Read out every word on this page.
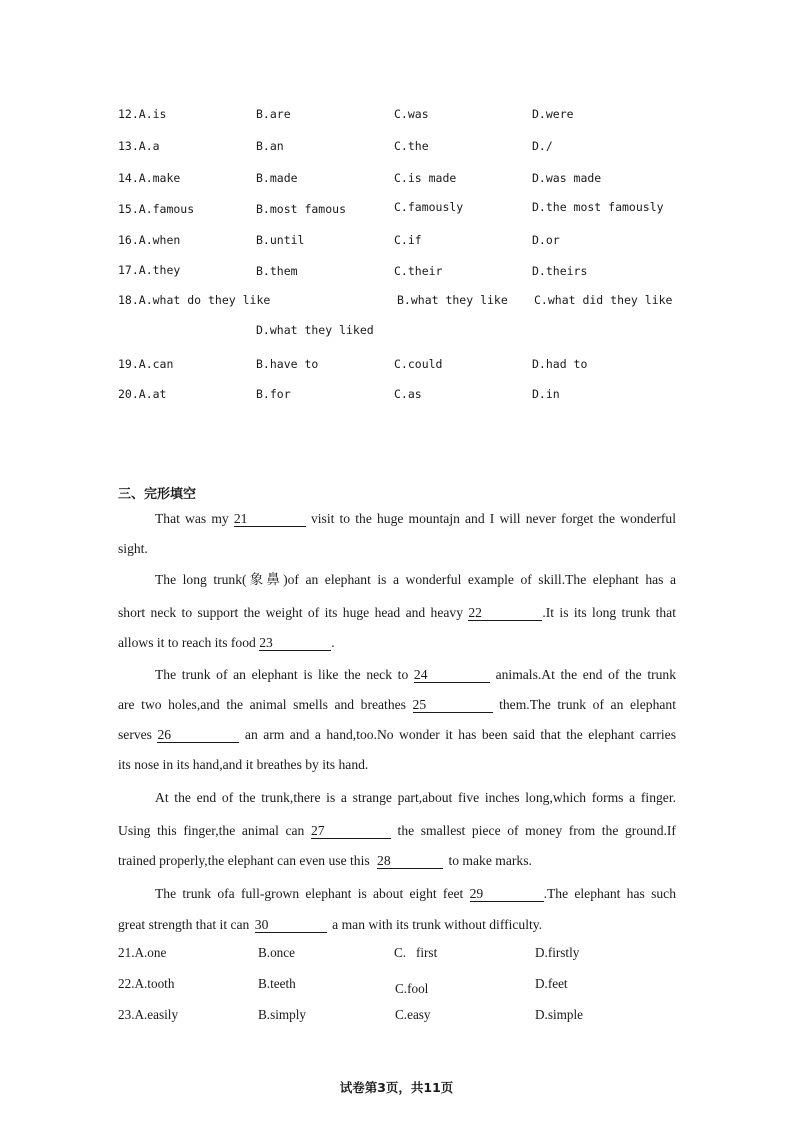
12.A.is	B.are	C.was	D.were
13.A.a	B.an	C.the	D./
14.A.make	B.made	C.is made	D.was made
15.A.famous	B.most famous	C.famously	D.the most famously
16.A.when	B.until	C.if	D.or
17.A.they	B.them	C.their	D.theirs
18.A.what do they like	B.what they like C.what did they like
D.what they liked
19.A.can	B.have to	C.could	D.had to
20.A.at	B.for	C.as	D.in
三、完形填空
That was my 21	visit to the huge mountajn and I will never forget the wonderful
sight.
The long trunk(象鼻)of an elephant is a wonderful example of skill.The elephant has a
short neck to support the weight of its huge head and heavy 22	.It is its long trunk that
allows it to reach its food 23	.
The trunk of an elephant is like the neck to 24	animals.At the end of the trunk
are two holes,and the animal smells and breathes 25	them.The trunk of an elephant
serves 26	an arm and a hand,too.No wonder it has been said that the elephant carries
its nose in its hand,and it breathes by its hand.
At the end of the trunk,there is a strange part,about five inches long,which forms a finger.
Using this finger,the animal can 27	the smallest piece of money from the ground.If
trained properly,the elephant can even use this 28	to make marks.
The trunk ofa full-grown elephant is about eight feet 29	.The elephant has such
great strength that it can 30	a man with its trunk without difficulty.
21.A.one	B.once	C.   first	D.firstly
22.A.tooth	B.teeth	C.fool	D.feet
23.A.easily	B.simply	C.easy	D.simple
试卷第3页，共11页
